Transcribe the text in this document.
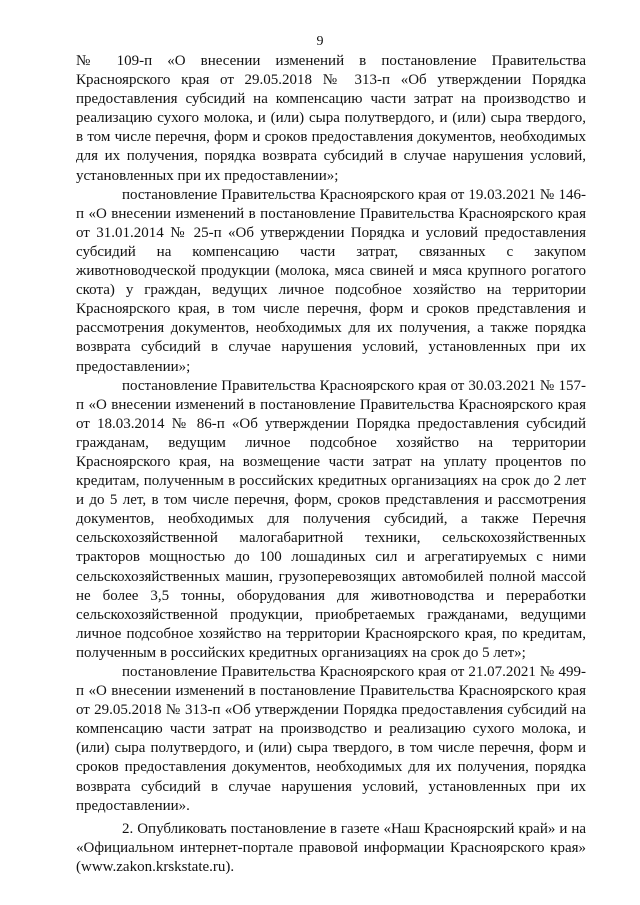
9

№ 109-п «О внесении изменений в постановление Правительства Красноярского края от 29.05.2018 № 313-п «Об утверждении Порядка предоставления субсидий на компенсацию части затрат на производство и реализацию сухого молока, и (или) сыра полутвердого, и (или) сыра твердого, в том числе перечня, форм и сроков предоставления документов, необходимых для их получения, порядка возврата субсидий в случае нарушения условий, установленных при их предоставлении»;

постановление Правительства Красноярского края от 19.03.2021 № 146-п «О внесении изменений в постановление Правительства Красноярского края от 31.01.2014 № 25-п «Об утверждении Порядка и условий предоставления субсидий на компенсацию части затрат, связанных с закупом животноводческой продукции (молока, мяса свиней и мяса крупного рогатого скота) у граждан, ведущих личное подсобное хозяйство на территории Красноярского края, в том числе перечня, форм и сроков представления и рассмотрения документов, необходимых для их получения, а также порядка возврата субсидий в случае нарушения условий, установленных при их предоставлении»;

постановление Правительства Красноярского края от 30.03.2021 № 157-п «О внесении изменений в постановление Правительства Красноярского края от 18.03.2014 № 86-п «Об утверждении Порядка предоставления субсидий гражданам, ведущим личное подсобное хозяйство на территории Красноярского края, на возмещение части затрат на уплату процентов по кредитам, полученным в российских кредитных организациях на срок до 2 лет и до 5 лет, в том числе перечня, форм, сроков представления и рассмотрения документов, необходимых для получения субсидий, а также Перечня сельскохозяйственной малогабаритной техники, сельскохозяйственных тракторов мощностью до 100 лошадиных сил и агрегатируемых с ними сельскохозяйственных машин, грузоперевозящих автомобилей полной массой не более 3,5 тонны, оборудования для животноводства и переработки сельскохозяйственной продукции, приобретаемых гражданами, ведущими личное подсобное хозяйство на территории Красноярского края, по кредитам, полученным в российских кредитных организациях на срок до 5 лет»;

постановление Правительства Красноярского края от 21.07.2021 № 499-п «О внесении изменений в постановление Правительства Красноярского края от 29.05.2018 № 313-п «Об утверждении Порядка предоставления субсидий на компенсацию части затрат на производство и реализацию сухого молока, и (или) сыра полутвердого, и (или) сыра твердого, в том числе перечня, форм и сроков предоставления документов, необходимых для их получения, порядка возврата субсидий в случае нарушения условий, установленных при их предоставлении».

2. Опубликовать постановление в газете «Наш Красноярский край» и на «Официальном интернет-портале правовой информации Красноярского края» (www.zakon.krskstate.ru).
